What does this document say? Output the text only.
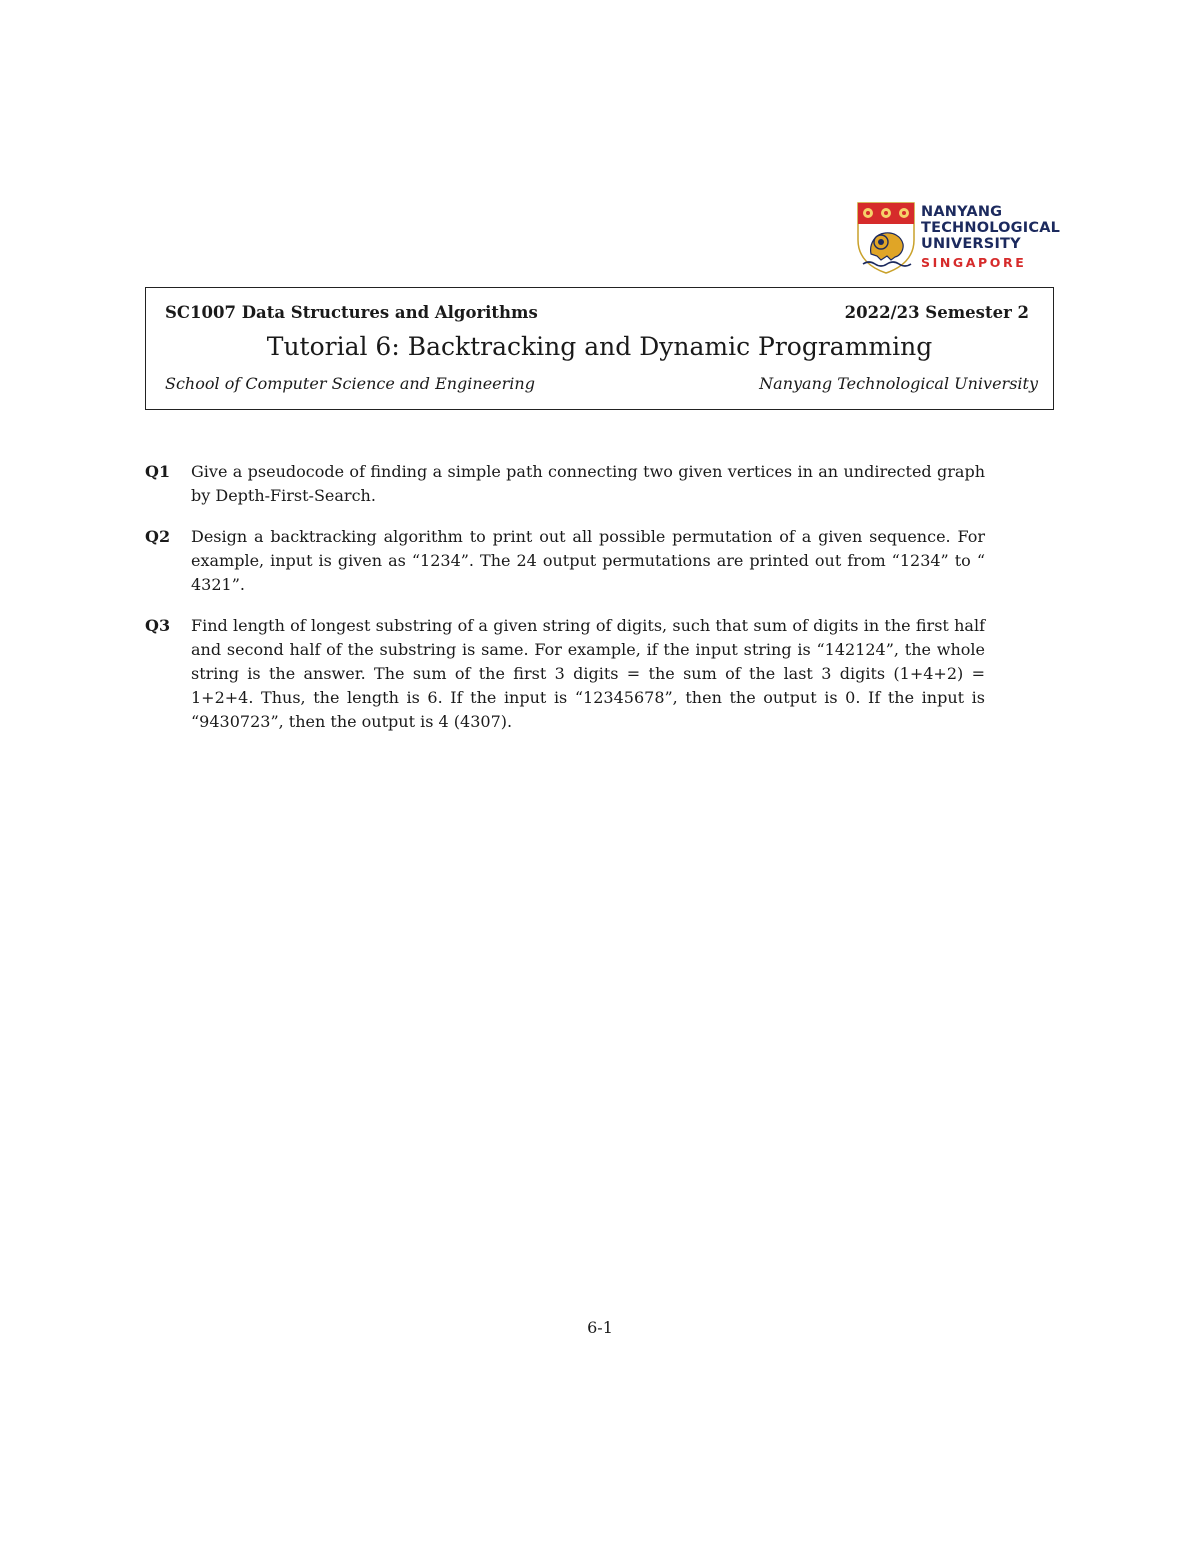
NANYANG
TECHNOLOGICAL
UNIVERSITY
SINGAPORE
SC1007 Data Structures and Algorithms	2022/23 Semester 2
Tutorial 6: Backtracking and Dynamic Programming
School of Computer Science and Engineering	Nanyang Technological University
Q1 Give a pseudocode of finding a simple path connecting two given vertices in an undirected graph by Depth-First-Search.
Q2 Design a backtracking algorithm to print out all possible permutation of a given sequence. For example, input is given as “1234”. The 24 output permutations are printed out from “1234” to “ 4321”.
Q3 Find length of longest substring of a given string of digits, such that sum of digits in the first half and second half of the substring is same. For example, if the input string is “142124”, the whole string is the answer. The sum of the first 3 digits = the sum of the last 3 digits (1+4+2) = 1+2+4. Thus, the length is 6. If the input is “12345678”, then the output is 0. If the input is “9430723”, then the output is 4 (4307).
6-1
